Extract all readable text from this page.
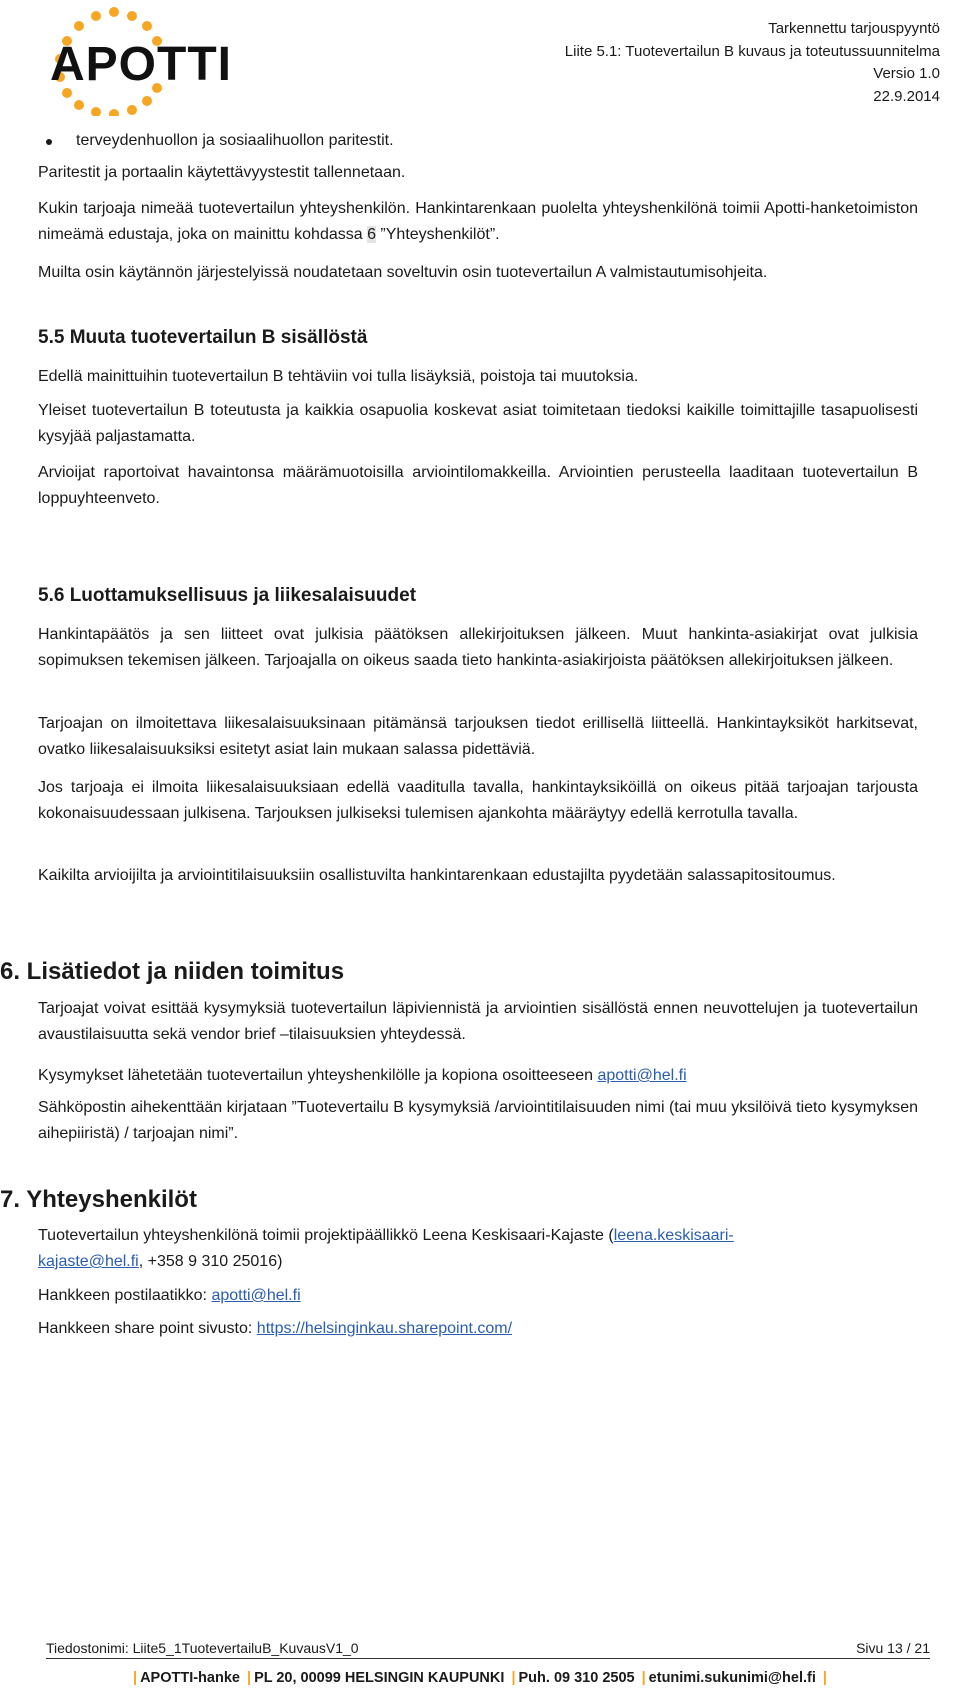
APOTTI
Tarkennettu tarjouspyyntö
Liite 5.1: Tuotevertailun B kuvaus ja toteutussuunnitelma
Versio 1.0
22.9.2014
terveydenhuollon ja sosiaalihuollon paritestit.
Paritestit ja portaalin käytettävyystestit tallennetaan.
Kukin tarjoaja nimeää tuotevertailun yhteyshenkilön. Hankintarenkaan puolelta yhteyshenkilönä toimii Apotti-hanketoimiston nimeämä edustaja, joka on mainittu kohdassa 6 ”Yhteyshenkilöt”.
Muilta osin käytännön järjestelyissä noudatetaan soveltuvin osin tuotevertailun A valmistautumisohjeita.
5.5 Muuta tuotevertailun B sisällöstä
Edellä mainittuihin tuotevertailun B tehtäviin voi tulla lisäyksiä, poistoja tai muutoksia.
Yleiset tuotevertailun B toteutusta ja kaikkia osapuolia koskevat asiat toimitetaan tiedoksi kaikille toimittajille tasapuolisesti kysyjää paljastamatta.
Arvioijat raportoivat havaintonsa määrämuotoisilla arviointilomakkeilla. Arviointien perusteella laaditaan tuotevertailun B loppuyhteenveto.
5.6 Luottamuksellisuus ja liikesalaisuudet
Hankintapäätös ja sen liitteet ovat julkisia päätöksen allekirjoituksen jälkeen. Muut hankinta-asiakirjat ovat julkisia sopimuksen tekemisen jälkeen. Tarjoajalla on oikeus saada tieto hankinta-asiakirjoista päätöksen allekirjoituksen jälkeen.
Tarjoajan on ilmoitettava liikesalaisuuksinaan pitämänsä tarjouksen tiedot erillisellä liitteellä. Hankintayksiköt harkitsevat, ovatko liikesalaisuuksiksi esitetyt asiat lain mukaan salassa pidettäviä.
Jos tarjoaja ei ilmoita liikesalaisuuksiaan edellä vaaditulla tavalla, hankintayksiköillä on oikeus pitää tarjoajan tarjousta kokonaisuudessaan julkisena. Tarjouksen julkiseksi tulemisen ajankohta määräytyy edellä kerrotulla tavalla.
Kaikilta arvioijilta ja arviointitilaisuuksiin osallistuvilta hankintarenkaan edustajilta pyydetään salassapitositoumus.
6. Lisätiedot ja niiden toimitus
Tarjoajat voivat esittää kysymyksiä tuotevertailun läpiviennistä ja arviointien sisällöstä ennen neuvottelujen ja tuotevertailun avaustilaisuutta sekä vendor brief –tilaisuuksien yhteydessä.
Kysymykset lähetetään tuotevertailun yhteyshenkilölle ja kopiona osoitteeseen apotti@hel.fi
Sähköpostin aihekenttään kirjataan ”Tuotevertailu B kysymyksiä /arviointitilaisuuden nimi (tai muu yksilöivä tieto kysymyksen aihepiiristä) / tarjoajan nimi”.
7. Yhteyshenkilöt
Tuotevertailun yhteyshenkilönä toimii projektipäällikkö Leena Keskisaari-Kajaste (leena.keskisaari-
kajaste@hel.fi, +358 9 310 25016)
Hankkeen postilaatikko: apotti@hel.fi
Hankkeen share point sivusto: https://helsinginkau.sharepoint.com/
Tiedostonimi: Liite5_1TuotevertailuB_KuvausV1_0	Sivu 13 / 21
| APOTTI-hanke | PL 20, 00099 HELSINGIN KAUPUNKI | Puh. 09 310 2505 | etunimi.sukunimi@hel.fi |
